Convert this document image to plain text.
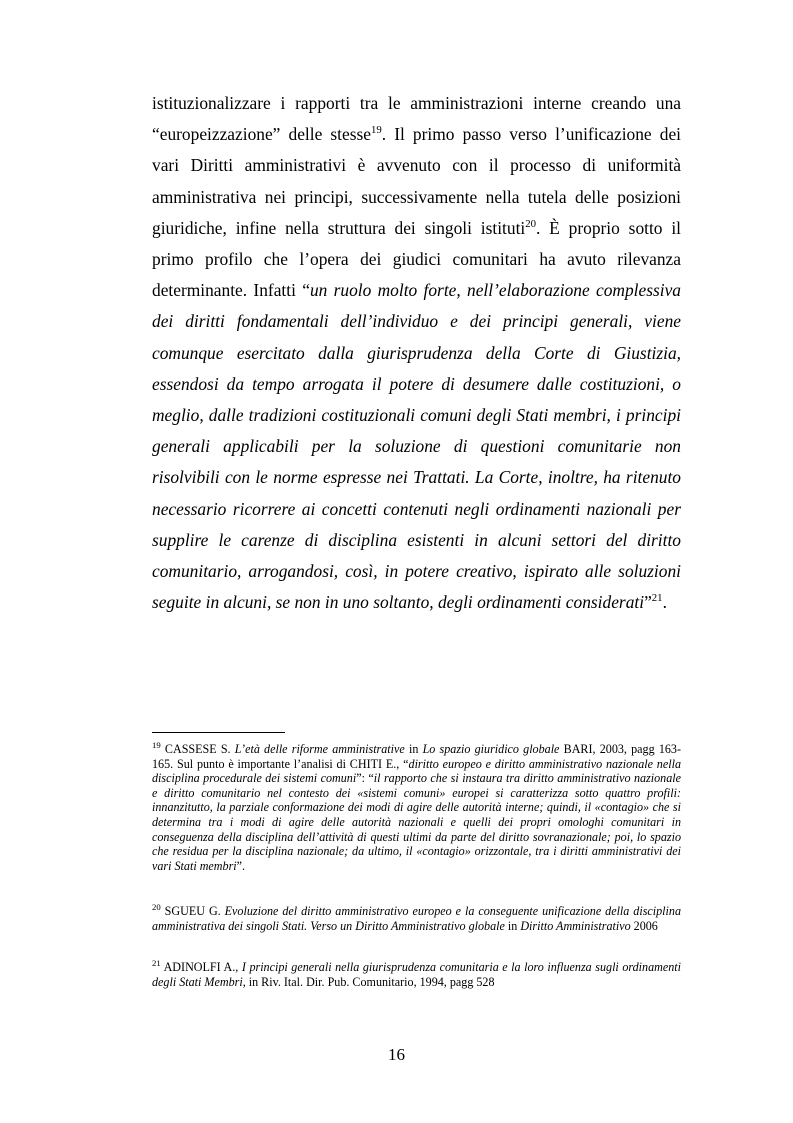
istituzionalizzare i rapporti tra le amministrazioni interne creando una “europeizzazione” delle stesse$^{19}$. Il primo passo verso l’unificazione dei vari Diritti amministrativi è avvenuto con il processo di uniformità amministrativa nei principi, successivamente nella tutela delle posizioni giuridiche, infine nella struttura dei singoli istituti$^{20}$. È proprio sotto il primo profilo che l’opera dei giudici comunitari ha avuto rilevanza determinante. Infatti “un ruolo molto forte, nell’elaborazione complessiva dei diritti fondamentali dell’individuo e dei principi generali, viene comunque esercitato dalla giurisprudenza della Corte di Giustizia, essendosi da tempo arrogata il potere di desumere dalle costituzioni, o meglio, dalle tradizioni costituzionali comuni degli Stati membri, i principi generali applicabili per la soluzione di questioni comunitarie non risolvibili con le norme espresse nei Trattati. La Corte, inoltre, ha ritenuto necessario ricorrere ai concetti contenuti negli ordinamenti nazionali per supplire le carenze di disciplina esistenti in alcuni settori del diritto comunitario, arrogandosi, così, in potere creativo, ispirato alle soluzioni seguite in alcuni, se non in uno soltanto, degli ordinamenti considerati”$^{21}$.

$^{19}$ CASSESE S. L’età delle riforme amministrative in Lo spazio giuridico globale BARI, 2003, pagg 163-165. Sul punto è importante l’analisi di CHITI E., “diritto europeo e diritto amministrativo nazionale nella disciplina procedurale dei sistemi comuni”: “il rapporto che si instaura tra diritto amministrativo nazionale e diritto comunitario nel contesto dei «sistemi comuni» europei si caratterizza sotto quattro profili: innanzitutto, la parziale conformazione dei modi di agire delle autorità interne; quindi, il «contagio» che si determina tra i modi di agire delle autorità nazionali e quelli dei propri omologhi comunitari in conseguenza della disciplina dell’attività di questi ultimi da parte del diritto sovranazionale; poi, lo spazio che residua per la disciplina nazionale; da ultimo, il «contagio» orizzontale, tra i diritti amministrativi dei vari Stati membri”.

$^{20}$ SGUEU G. Evoluzione del diritto amministrativo europeo e la conseguente unificazione della disciplina amministrativa dei singoli Stati. Verso un Diritto Amministrativo globale in Diritto Amministrativo 2006

$^{21}$ ADINOLFI A., I principi generali nella giurisprudenza comunitaria e la loro influenza sugli ordinamenti degli Stati Membri, in Riv. Ital. Dir. Pub. Comunitario, 1994, pagg 528

16
